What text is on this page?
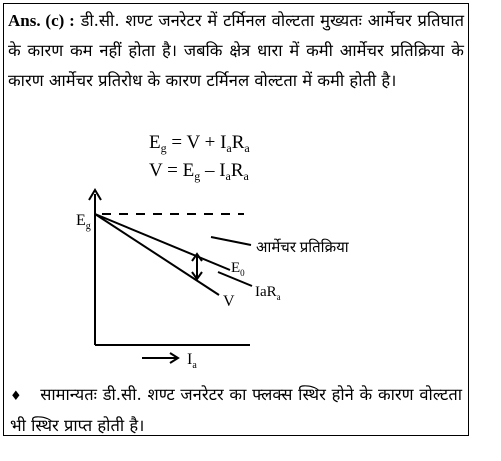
Ans. (c) : डी.सी. शण्ट जनरेटर में टर्मिनल वोल्टता मुख्यतः आर्मेचर प्रतिघात के कारण कम नहीं होता है। जबकि क्षेत्र धारा में कमी आर्मेचर प्रतिक्रिया के कारण आर्मेचर प्रतिरोध के कारण टर्मिनल वोल्टता में कमी होती है।
$E_g = V + I_aR_a$
$V = E_g - I_aR_a$
$E_g$
आर्मेचर प्रतिक्रिया
$E_0$
IaR$_a$
V
$I_a$
♦ सामान्यतः डी.सी. शण्ट जनरेटर का फ्लक्स स्थिर होने के कारण वोल्टता भी स्थिर प्राप्त होती है।
